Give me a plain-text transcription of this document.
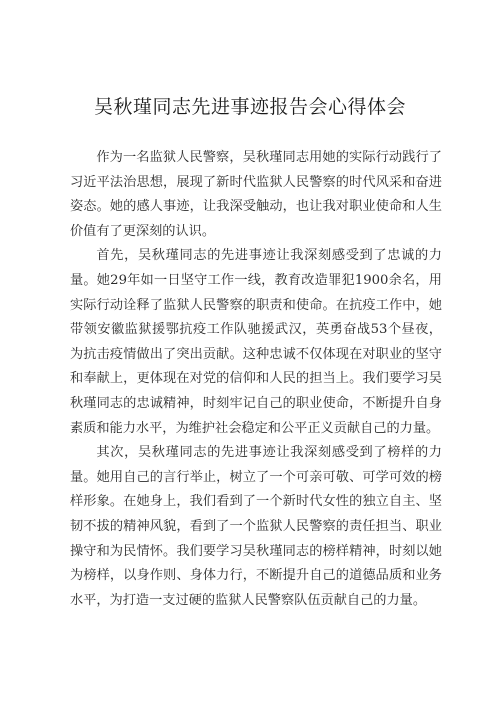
吴秋瑾同志先进事迹报告会心得体会

作为一名监狱人民警察，吴秋瑾同志用她的实际行动践行了习近平法治思想，展现了新时代监狱人民警察的时代风采和奋进姿态。她的感人事迹，让我深受触动，也让我对职业使命和人生价值有了更深刻的认识。

首先，吴秋瑾同志的先进事迹让我深刻感受到了忠诚的力量。她29年如一日坚守工作一线，教育改造罪犯1900余名，用实际行动诠释了监狱人民警察的职责和使命。在抗疫工作中，她带领安徽监狱援鄂抗疫工作队驰援武汉，英勇奋战53个昼夜，为抗击疫情做出了突出贡献。这种忠诚不仅体现在对职业的坚守和奉献上，更体现在对党的信仰和人民的担当上。我们要学习吴秋瑾同志的忠诚精神，时刻牢记自己的职业使命，不断提升自身素质和能力水平，为维护社会稳定和公平正义贡献自己的力量。

其次，吴秋瑾同志的先进事迹让我深刻感受到了榜样的力量。她用自己的言行举止，树立了一个可亲可敬、可学可效的榜样形象。在她身上，我们看到了一个新时代女性的独立自主、坚韧不拔的精神风貌，看到了一个监狱人民警察的责任担当、职业操守和为民情怀。我们要学习吴秋瑾同志的榜样精神，时刻以她为榜样，以身作则、身体力行，不断提升自己的道德品质和业务水平，为打造一支过硬的监狱人民警察队伍贡献自己的力量。
